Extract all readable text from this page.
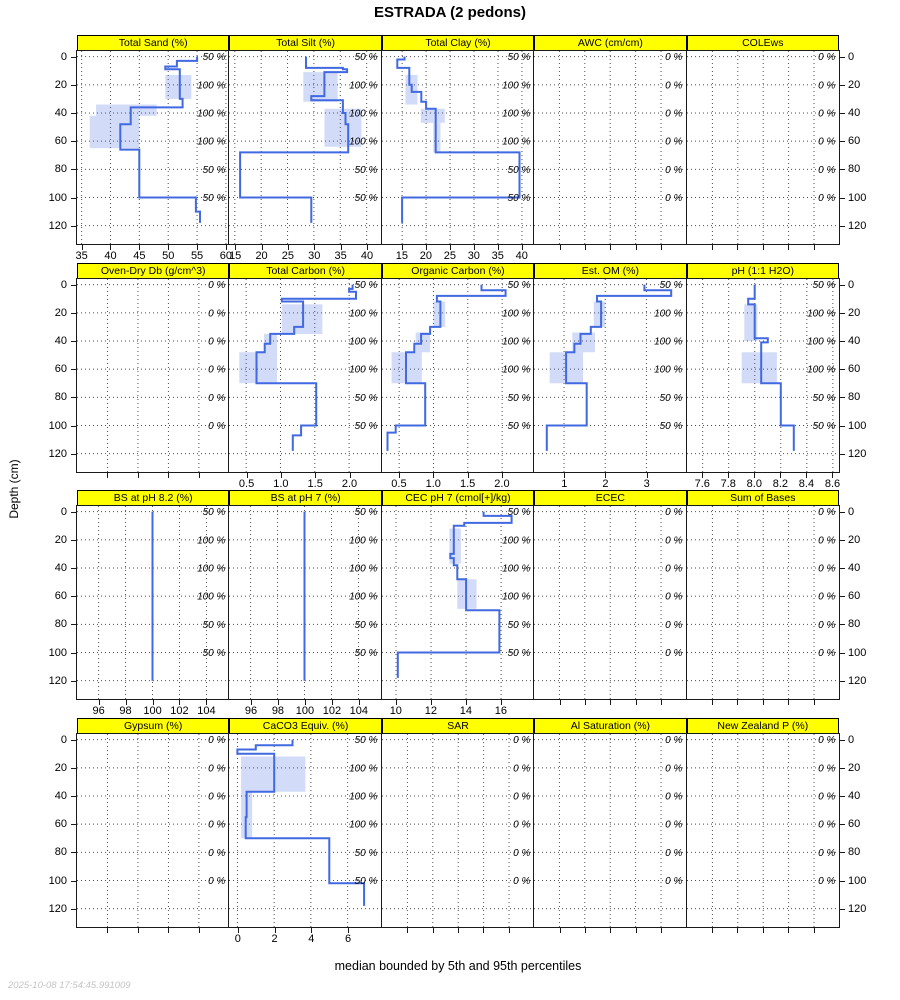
ESTRADA (2 pedons)
Depth (cm)
Total Sand (%)
50 %
100 %
100 %
100 %
50 %
50 %
35 40 45 50 55 60
0
20
40
60
80
100
120
Total Silt (%)
50 %
100 %
100 %
100 %
50 %
50 %
15 20 25 30 35 40
Total Clay (%)
50 %
100 %
100 %
100 %
50 %
50 %
15 20 25 30 35 40
AWC (cm/cm)
0 %
0 %
0 %
0 %
0 %
0 %
COLEws
0 %
0 %
0 %
0 %
0 %
0 %
0
20
40
60
80
100
120
Oven-Dry Db (g/cm^3)
0 %
0 %
0 %
0 %
0 %
0 %
0
20
40
60
80
100
120
Total Carbon (%)
50 %
100 %
100 %
100 %
50 %
50 %
0.5 1.0 1.5 2.0
Organic Carbon (%)
50 %
100 %
100 %
100 %
50 %
50 %
0.5 1.0 1.5 2.0
Est. OM (%)
50 %
100 %
100 %
100 %
50 %
50 %
1	2	3
pH (1:1 H2O)
50 %
100 %
100 %
100 %
50 %
50 %
7.6 7.8 8.0 8.2 8.4 8.6
0
20
40
60
80
100
120
BS at pH 8.2 (%)
50 %
100 %
100 %
100 %
50 %
50 %
96 98 100 102 104
0
20
40
60
80
100
120
BS at pH 7 (%)
50 %
100 %
100 %
100 %
50 %
50 %
96 98 100 102 104
CEC pH 7 (cmol[+]/kg)
50 %
100 %
100 %
100 %
50 %
50 %
10 12 14 16
ECEC
0 %
0 %
0 %
0 %
0 %
0 %
Sum of Bases
0 %
0 %
0 %
0 %
0 %
0 %
0
20
40
60
80
100
120
Gypsum (%)
0 %
0 %
0 %
0 %
0 %
0 %
0
20
40
60
80
100
120
CaCO3 Equiv. (%)
50 %
100 %
100 %
100 %
50 %
50 %
0	2	4	6
SAR
0 %
0 %
0 %
0 %
0 %
0 %
Al Saturation (%)
0 %
0 %
0 %
0 %
0 %
0 %
New Zealand P (%)
0 %
0 %
0 %
0 %
0 %
0 %
0
20
40
60
80
100
120
median bounded by 5th and 95th percentiles
2025-10-08 17:54:45.991009
